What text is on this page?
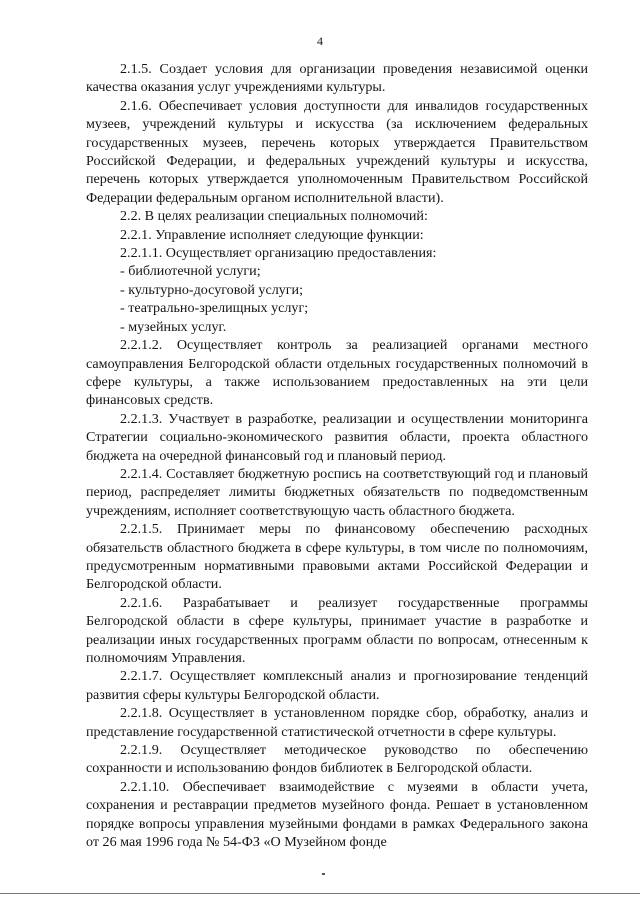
4

2.1.5. Создает условия для организации проведения независимой оценки качества оказания услуг учреждениями культуры.

2.1.6. Обеспечивает условия доступности для инвалидов государственных музеев, учреждений культуры и искусства (за исключением федеральных государственных музеев, перечень которых утверждается Правительством Российской Федерации, и федеральных учреждений культуры и искусства, перечень которых утверждается уполномоченным Правительством Российской Федерации федеральным органом исполнительной власти).

2.2. В целях реализации специальных полномочий:

2.2.1. Управление исполняет следующие функции:

2.2.1.1. Осуществляет организацию предоставления:

- библиотечной услуги;

- культурно-досуговой услуги;

- театрально-зрелищных услуг;

- музейных услуг.

2.2.1.2. Осуществляет контроль за реализацией органами местного самоуправления Белгородской области отдельных государственных полномочий в сфере культуры, а также использованием предоставленных на эти цели финансовых средств.

2.2.1.3. Участвует в разработке, реализации и осуществлении мониторинга Стратегии социально-экономического развития области, проекта областного бюджета на очередной финансовый год и плановый период.

2.2.1.4. Составляет бюджетную роспись на соответствующий год и плановый период, распределяет лимиты бюджетных обязательств по подведомственным учреждениям, исполняет соответствующую часть областного бюджета.

2.2.1.5. Принимает меры по финансовому обеспечению расходных обязательств областного бюджета в сфере культуры, в том числе по полномочиям, предусмотренным нормативными правовыми актами Российской Федерации и Белгородской области.

2.2.1.6. Разрабатывает и реализует государственные программы Белгородской области в сфере культуры, принимает участие в разработке и реализации иных государственных программ области по вопросам, отнесенным к полномочиям Управления.

2.2.1.7. Осуществляет комплексный анализ и прогнозирование тенденций развития сферы культуры Белгородской области.

2.2.1.8. Осуществляет в установленном порядке сбор, обработку, анализ и представление государственной статистической отчетности в сфере культуры.

2.2.1.9. Осуществляет методическое руководство по обеспечению сохранности и использованию фондов библиотек в Белгородской области.

2.2.1.10. Обеспечивает взаимодействие с музеями в области учета, сохранения и реставрации предметов музейного фонда. Решает в установленном порядке вопросы управления музейными фондами в рамках Федерального закона от 26 мая 1996 года № 54-ФЗ «О Музейном фонде
